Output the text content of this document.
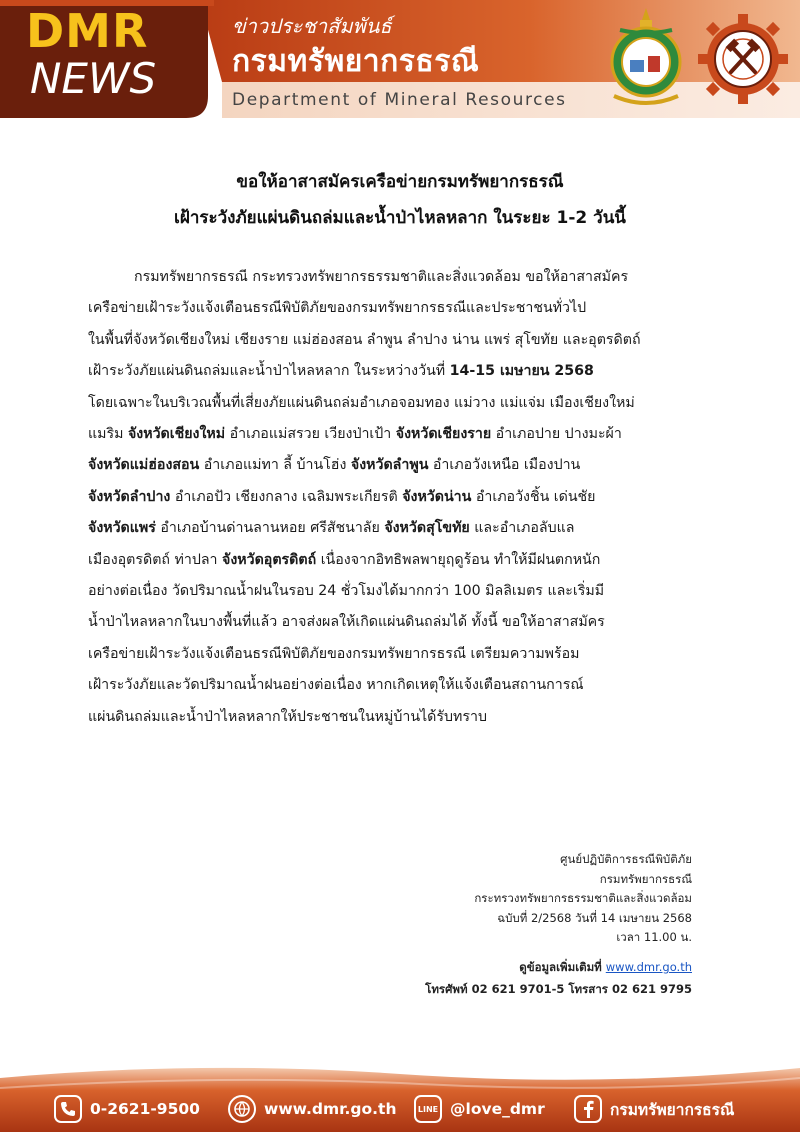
DMR
NEWS
ข่าวประชาสัมพันธ์
กรมทรัพยากรธรณี
Department of Mineral Resources
ขอให้อาสาสมัครเครือข่ายกรมทรัพยากรธรณี
เฝ้าระวังภัยแผ่นดินถล่มและน้ำป่าไหลหลาก ในระยะ 1-2 วันนี้

กรมทรัพยากรธรณี กระทรวงทรัพยากรธรรมชาติและสิ่งแวดล้อม ขอให้อาสาสมัคร

เครือข่ายเฝ้าระวังแจ้งเตือนธรณีพิบัติภัยของกรมทรัพยากรธรณีและประชาชนทั่วไป

ในพื้นที่จังหวัดเชียงใหม่ เชียงราย แม่ฮ่องสอน ลำพูน ลำปาง น่าน แพร่ สุโขทัย และอุตรดิตถ์

เฝ้าระวังภัยแผ่นดินถล่มและน้ำป่าไหลหลาก ในระหว่างวันที่ 14-15 เมษายน 2568

โดยเฉพาะในบริเวณพื้นที่เสี่ยงภัยแผ่นดินถล่มอำเภอจอมทอง แม่วาง แม่แจ่ม เมืองเชียงใหม่

แมริม จังหวัดเชียงใหม่ อำเภอแม่สรวย เวียงป่าเป้า จังหวัดเชียงราย อำเภอปาย ปางมะผ้า

จังหวัดแม่ฮ่องสอน อำเภอแม่ทา ลี้ บ้านโฮ่ง จังหวัดลำพูน อำเภอวังเหนือ เมืองปาน

จังหวัดลำปาง อำเภอปัว เชียงกลาง เฉลิมพระเกียรติ จังหวัดน่าน อำเภอวังชิ้น เด่นชัย

จังหวัดแพร่ อำเภอบ้านด่านลานหอย ศรีสัชนาลัย จังหวัดสุโขทัย และอำเภอลับแล

เมืองอุตรดิตถ์ ท่าปลา จังหวัดอุตรดิตถ์ เนื่องจากอิทธิพลพายุฤดูร้อน ทำให้มีฝนตกหนัก

อย่างต่อเนื่อง วัดปริมาณน้ำฝนในรอบ 24 ชั่วโมงได้มากกว่า 100 มิลลิเมตร และเริ่มมี

น้ำป่าไหลหลากในบางพื้นที่แล้ว อาจส่งผลให้เกิดแผ่นดินถล่มได้ ทั้งนี้ ขอให้อาสาสมัคร

เครือข่ายเฝ้าระวังแจ้งเตือนธรณีพิบัติภัยของกรมทรัพยากรธรณี เตรียมความพร้อม

เฝ้าระวังภัยและวัดปริมาณน้ำฝนอย่างต่อเนื่อง หากเกิดเหตุให้แจ้งเตือนสถานการณ์

แผ่นดินถล่มและน้ำป่าไหลหลากให้ประชาชนในหมู่บ้านได้รับทราบ

ศูนย์ปฏิบัติการธรณีพิบัติภัย
กรมทรัพยากรธรณี
กระทรวงทรัพยากรธรรมชาติและสิ่งแวดล้อม
ฉบับที่ 2/2568 วันที่ 14 เมษายน 2568
เวลา 11.00 น.
ดูข้อมูลเพิ่มเติมที่ www.dmr.go.th
โทรศัพท์ 02 621 9701-5 โทรสาร 02 621 9795
0-2621-9500	www.dmr.go.th	LINE @love_dmr	กรมทรัพยากรธรณี
